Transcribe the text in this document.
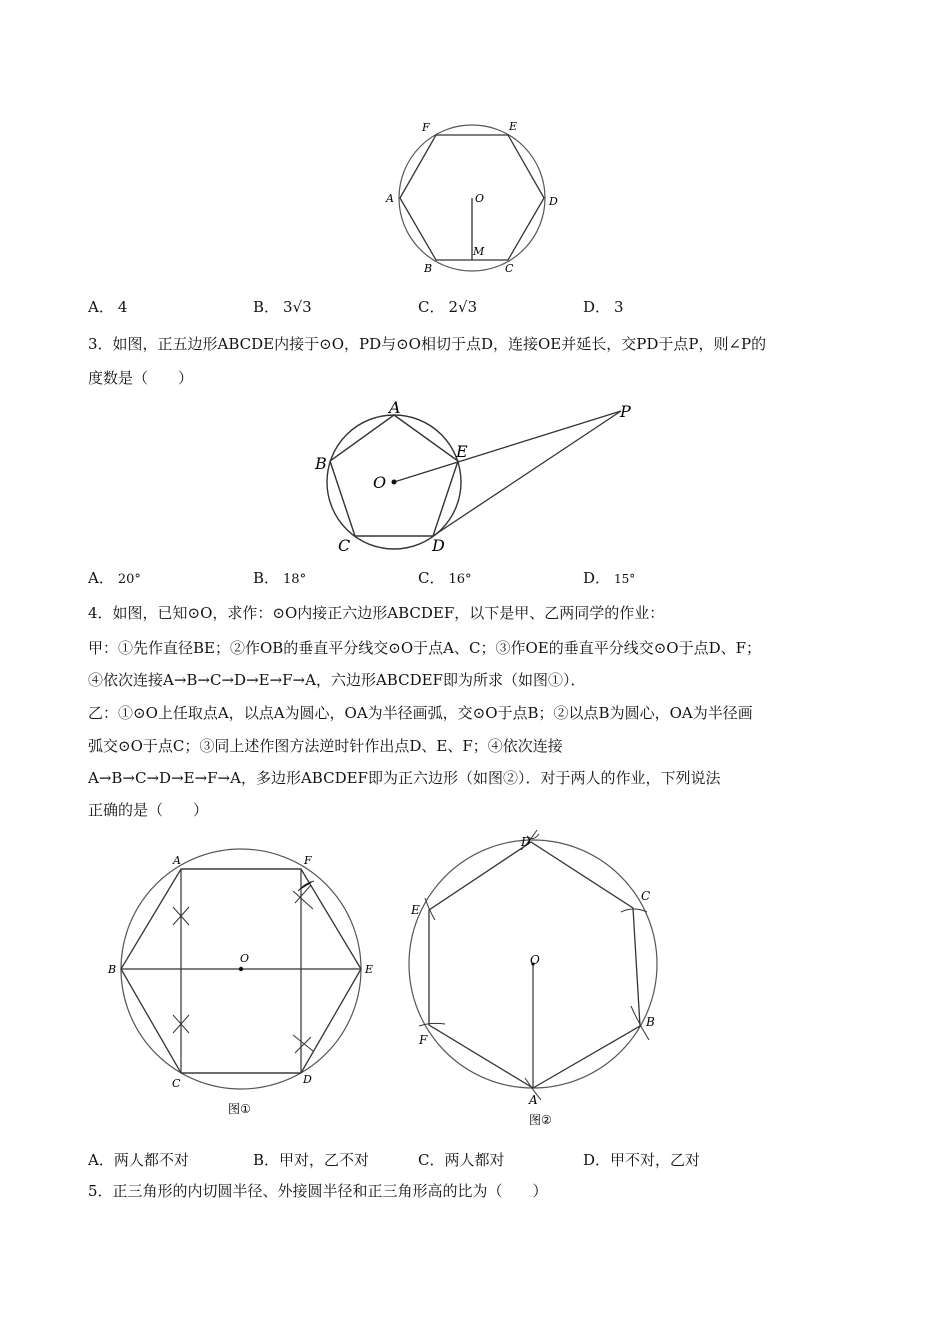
F	E
A	O	D
M
B	C
A． 4	B． 3√3	C． 2√3	D． 3
3．如图，正五边形ABCDE内接于⊙O，PD与⊙O相切于点D，连接OE并延长，交PD于点P，则∠P的
度数是（　　）
A
B
E
O
C	D
P
A． 20°	B． 18°	C． 16°	D． 15°
4．如图，已知⊙O，求作：⊙O内接正六边形ABCDEF，以下是甲、乙两同学的作业：
甲：①先作直径BE；②作OB的垂直平分线交⊙O于点A、C；③作OE的垂直平分线交⊙O于点D、F；
④依次连接A→B→C→D→E→F→A，六边形ABCDEF即为所求（如图①）．
乙：①⊙O上任取点A，以点A为圆心，OA为半径画弧，交⊙O于点B；②以点B为圆心，OA为半径画
弧交⊙O于点C；③同上述作图方法逆时针作出点D、E、F；④依次连接
A→B→C→D→E→F→A，多边形ABCDEF即为正六边形（如图②）．对于两人的作业，下列说法
正确的是（　　）
A	F
B
O
E
C	D
图①
D
C
E
O
B
F
A
图②
A．两人都不对	B．甲对，乙不对	C．两人都对	D．甲不对，乙对
5．正三角形的内切圆半径、外接圆半径和正三角形高的比为（　　）
